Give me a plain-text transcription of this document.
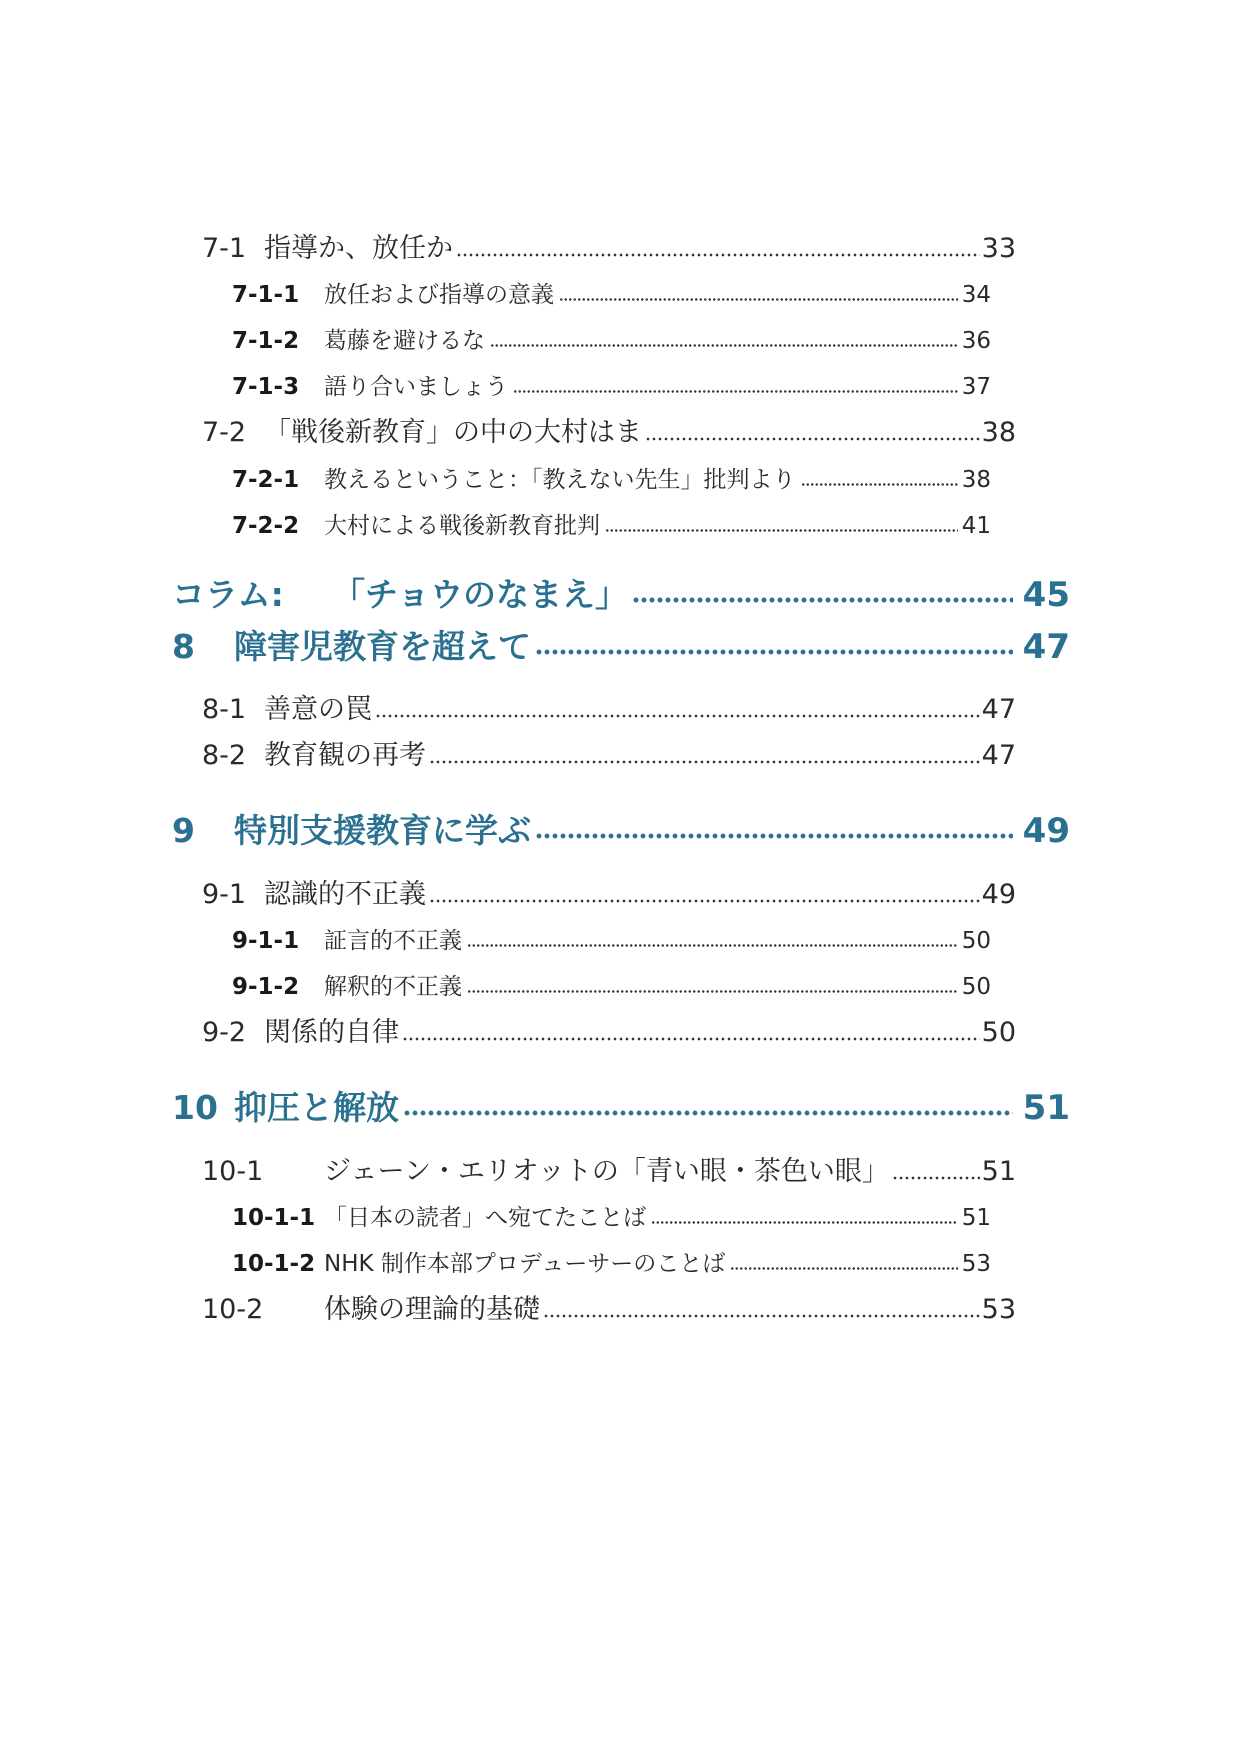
7-1 指導か、放任か	33
7-1-1	放任および指導の意義	34
7-1-2	葛藤を避けるな	36
7-1-3	語り合いましょう	37
7-2 「戦後新教育」の中の大村はま	38
7-2-1	教えるということ：「教えない先生」批判より	38
7-2-2	大村による戦後新教育批判	41
コラム:	「チョウのなまえ」	45
8	障害児教育を超えて	47
8-1 善意の罠	47
8-2 教育観の再考	47
9	特別支援教育に学ぶ	49
9-1 認識的不正義	49
9-1-1	証言的不正義	50
9-1-2	解釈的不正義	50
9-2 関係的自律	50
10 抑圧と解放	51
10-1	ジェーン・エリオットの「青い眼・茶色い眼」	51
10-1-1 「日本の読者」へ宛てたことば	51
10-1-2 NHK 制作本部プロデューサーのことば	53
10-2	体験の理論的基礎	53
